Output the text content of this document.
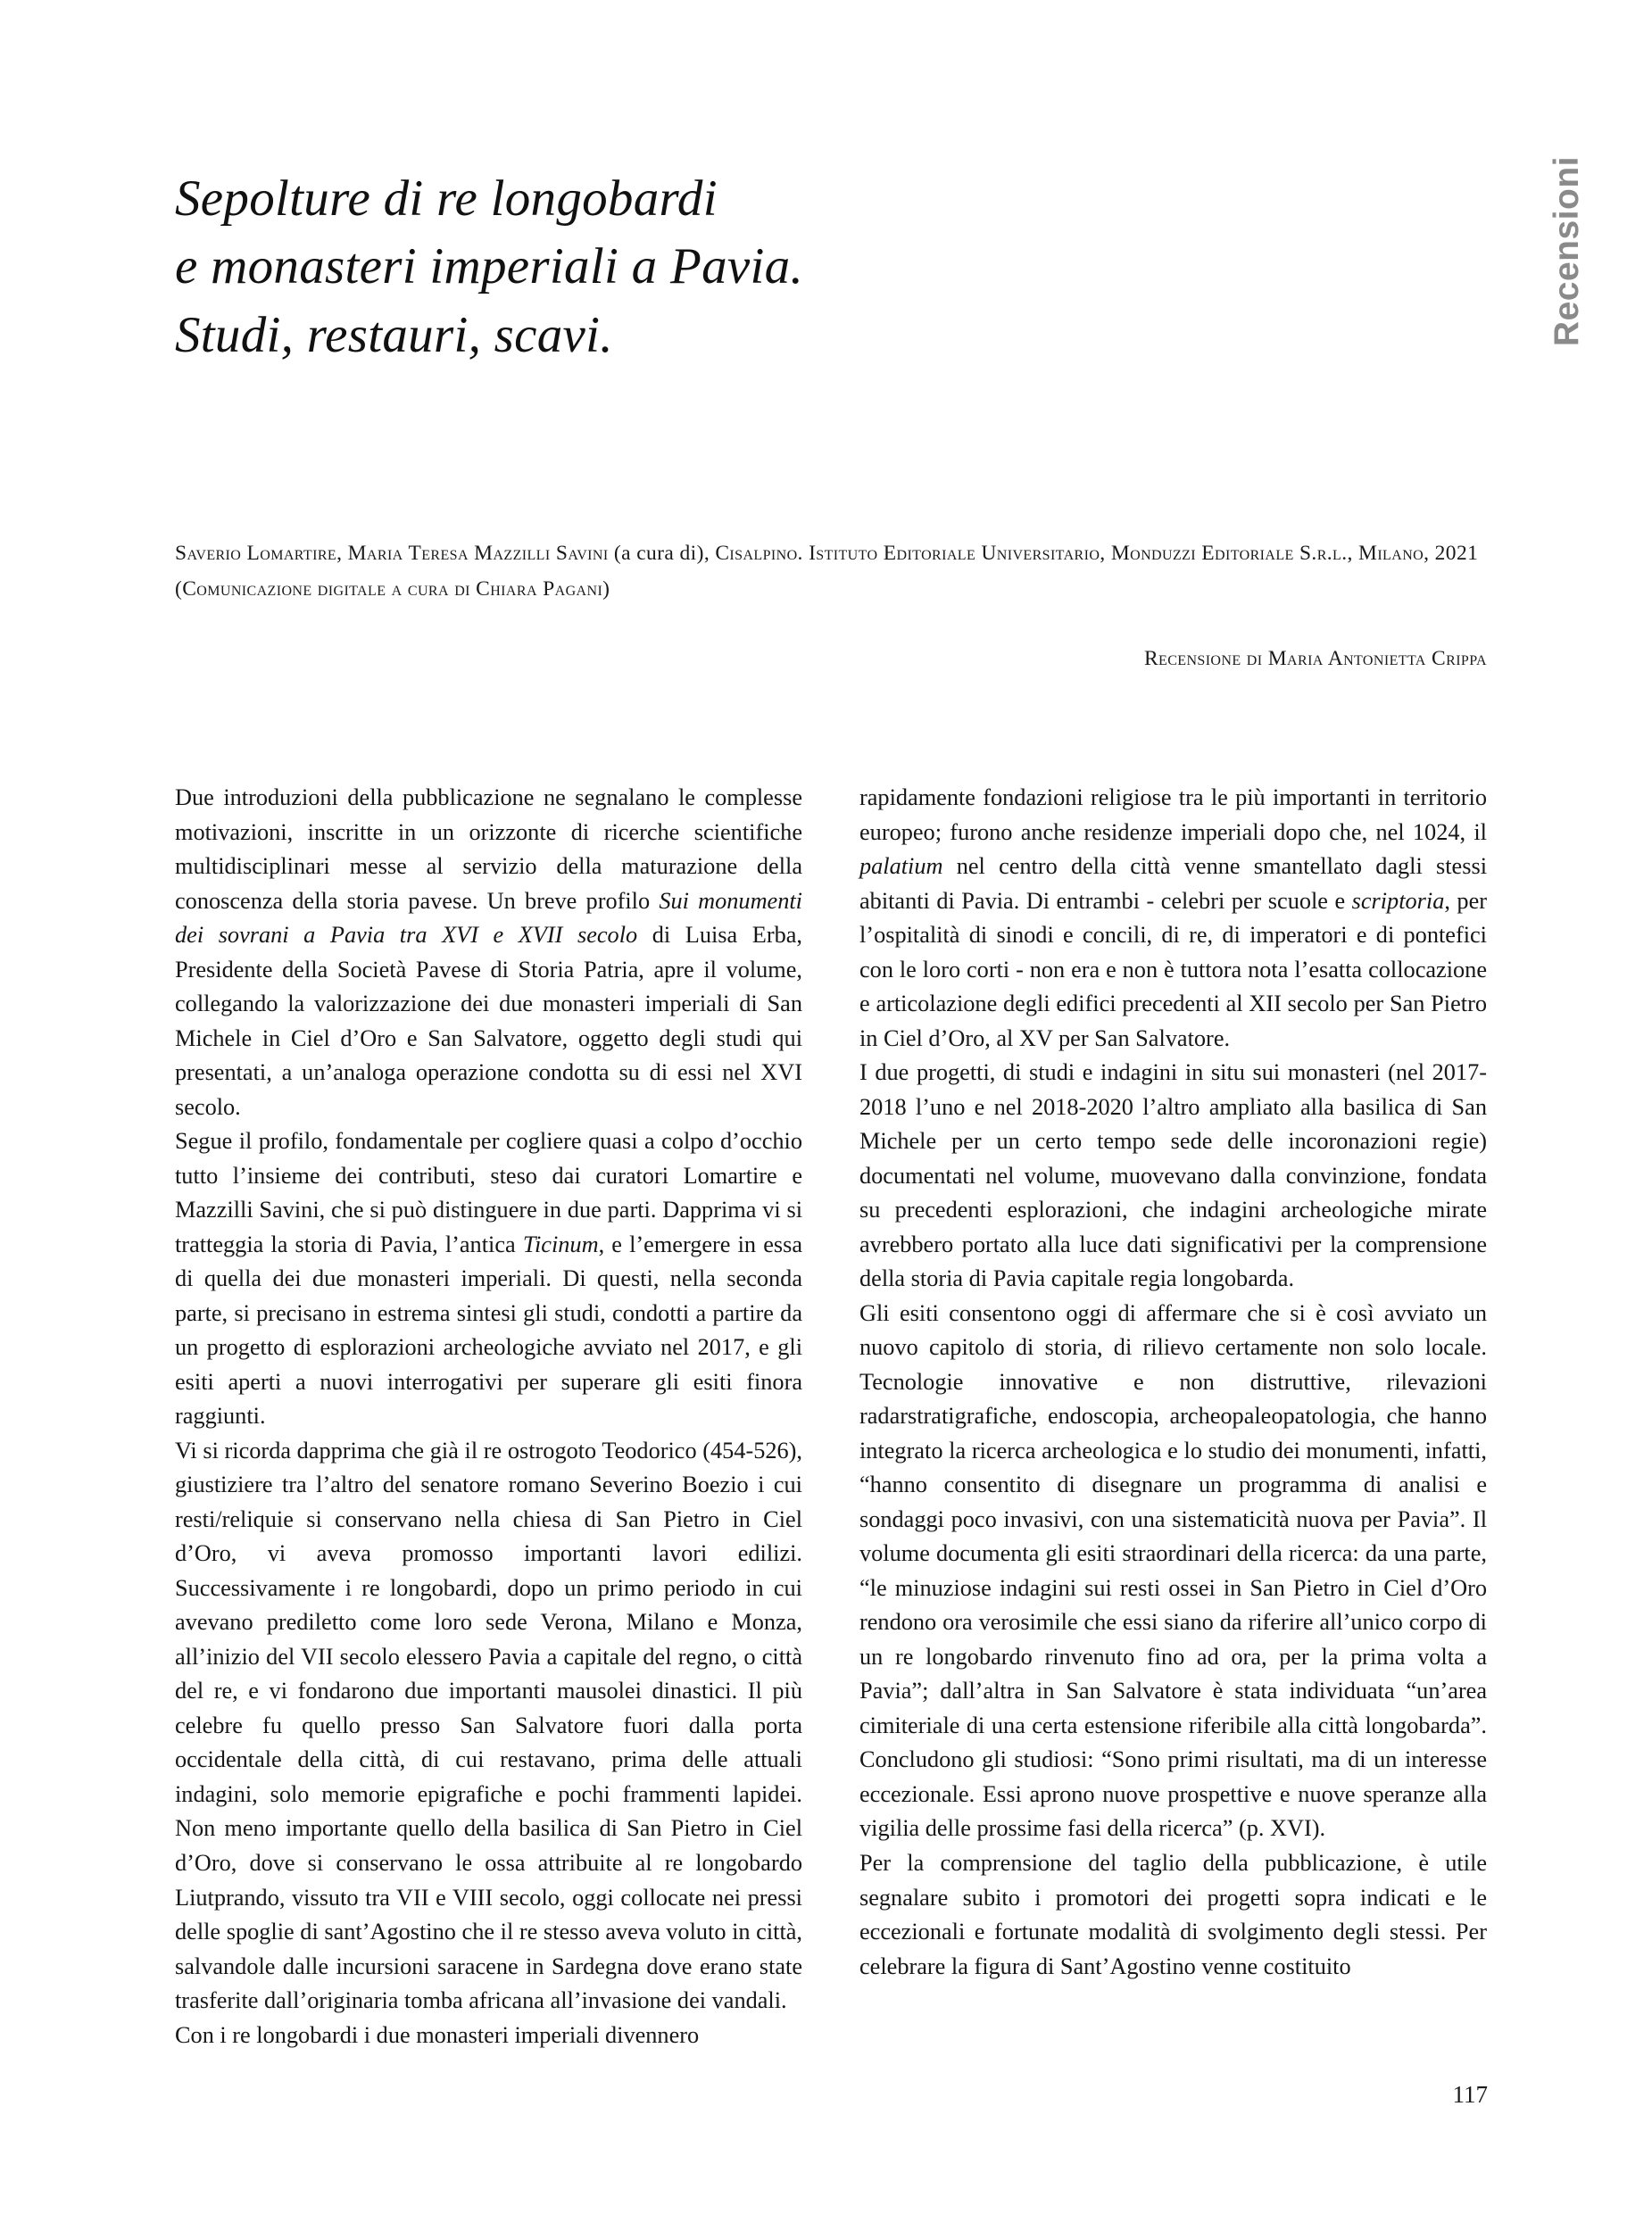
Recensioni
Sepolture di re longobardi
e monasteri imperiali a Pavia.
Studi, restauri, scavi.
Saverio Lomartire, Maria Teresa Mazzilli Savini (a cura di), Cisalpino. Istituto Editoriale Universitario, Monduzzi Editoriale S.r.l., Milano, 2021 (Comunicazione digitale a cura di Chiara Pagani)
Recensione di Maria Antonietta Crippa

Due introduzioni della pubblicazione ne segnalano le complesse motivazioni, inscritte in un orizzonte di ricerche scientifiche multidisciplinari messe al servizio della maturazione della conoscenza della storia pavese. Un breve profilo Sui monumenti dei sovrani a Pavia tra XVI e XVII secolo di Luisa Erba, Presidente della Società Pavese di Storia Patria, apre il volume, collegando la valorizzazione dei due monasteri imperiali di San Michele in Ciel d’Oro e San Salvatore, oggetto degli studi qui presentati, a un’analoga operazione condotta su di essi nel XVI secolo.

Segue il profilo, fondamentale per cogliere quasi a colpo d’occhio tutto l’insieme dei contributi, steso dai curatori Lomartire e Mazzilli Savini, che si può distinguere in due parti. Dapprima vi si tratteggia la storia di Pavia, l’antica Ticinum, e l’emergere in essa di quella dei due monasteri imperiali. Di questi, nella seconda parte, si precisano in estrema sintesi gli studi, condotti a partire da un progetto di esplorazioni archeologiche avviato nel 2017, e gli esiti aperti a nuovi interrogativi per superare gli esiti finora raggiunti.

Vi si ricorda dapprima che già il re ostrogoto Teodorico (454-526), giustiziere tra l’altro del senatore romano Severino Boezio i cui resti/reliquie si conservano nella chiesa di San Pietro in Ciel d’Oro, vi aveva promosso importanti lavori edilizi. Successivamente i re longobardi, dopo un primo periodo in cui avevano prediletto come loro sede Verona, Milano e Monza, all’inizio del VII secolo elessero Pavia a capitale del regno, o città del re, e vi fondarono due importanti mausolei dinastici. Il più celebre fu quello presso San Salvatore fuori dalla porta occidentale della città, di cui restavano, prima delle attuali indagini, solo memorie epigrafiche e pochi frammenti lapidei. Non meno importante quello della basilica di San Pietro in Ciel d’Oro, dove si conservano le ossa attribuite al re longobardo Liutprando, vissuto tra VII e VIII secolo, oggi collocate nei pressi delle spoglie di sant’Agostino che il re stesso aveva voluto in città, salvandole dalle incursioni saracene in Sardegna dove erano state trasferite dall’originaria tomba africana all’invasione dei vandali.

Con i re longobardi i due monasteri imperiali divennero

rapidamente fondazioni religiose tra le più importanti in territorio europeo; furono anche residenze imperiali dopo che, nel 1024, il palatium nel centro della città venne smantellato dagli stessi abitanti di Pavia. Di entrambi - celebri per scuole e scriptoria, per l’ospitalità di sinodi e concili, di re, di imperatori e di pontefici con le loro corti - non era e non è tuttora nota l’esatta collocazione e articolazione degli edifici precedenti al XII secolo per San Pietro in Ciel d’Oro, al XV per San Salvatore.

I due progetti, di studi e indagini in situ sui monasteri (nel 2017-2018 l’uno e nel 2018-2020 l’altro ampliato alla basilica di San Michele per un certo tempo sede delle incoronazioni regie) documentati nel volume, muovevano dalla convinzione, fondata su precedenti esplorazioni, che indagini archeologiche mirate avrebbero portato alla luce dati significativi per la comprensione della storia di Pavia capitale regia longobarda.

Gli esiti consentono oggi di affermare che si è così avviato un nuovo capitolo di storia, di rilievo certamente non solo locale. Tecnologie innovative e non distruttive, rilevazioni radarstratigrafiche, endoscopia, archeopaleopatologia, che hanno integrato la ricerca archeologica e lo studio dei monumenti, infatti, “hanno consentito di disegnare un programma di analisi e sondaggi poco invasivi, con una sistematicità nuova per Pavia”. Il volume documenta gli esiti straordinari della ricerca: da una parte, “le minuziose indagini sui resti ossei in San Pietro in Ciel d’Oro rendono ora verosimile che essi siano da riferire all’unico corpo di un re longobardo rinvenuto fino ad ora, per la prima volta a Pavia”; dall’altra in San Salvatore è stata individuata “un’area cimiteriale di una certa estensione riferibile alla città longobarda”. Concludono gli studiosi: “Sono primi risultati, ma di un interesse eccezionale. Essi aprono nuove prospettive e nuove speranze alla vigilia delle prossime fasi della ricerca” (p. XVI).

Per la comprensione del taglio della pubblicazione, è utile segnalare subito i promotori dei progetti sopra indicati e le eccezionali e fortunate modalità di svolgimento degli stessi. Per celebrare la figura di Sant’Agostino venne costituito

117
